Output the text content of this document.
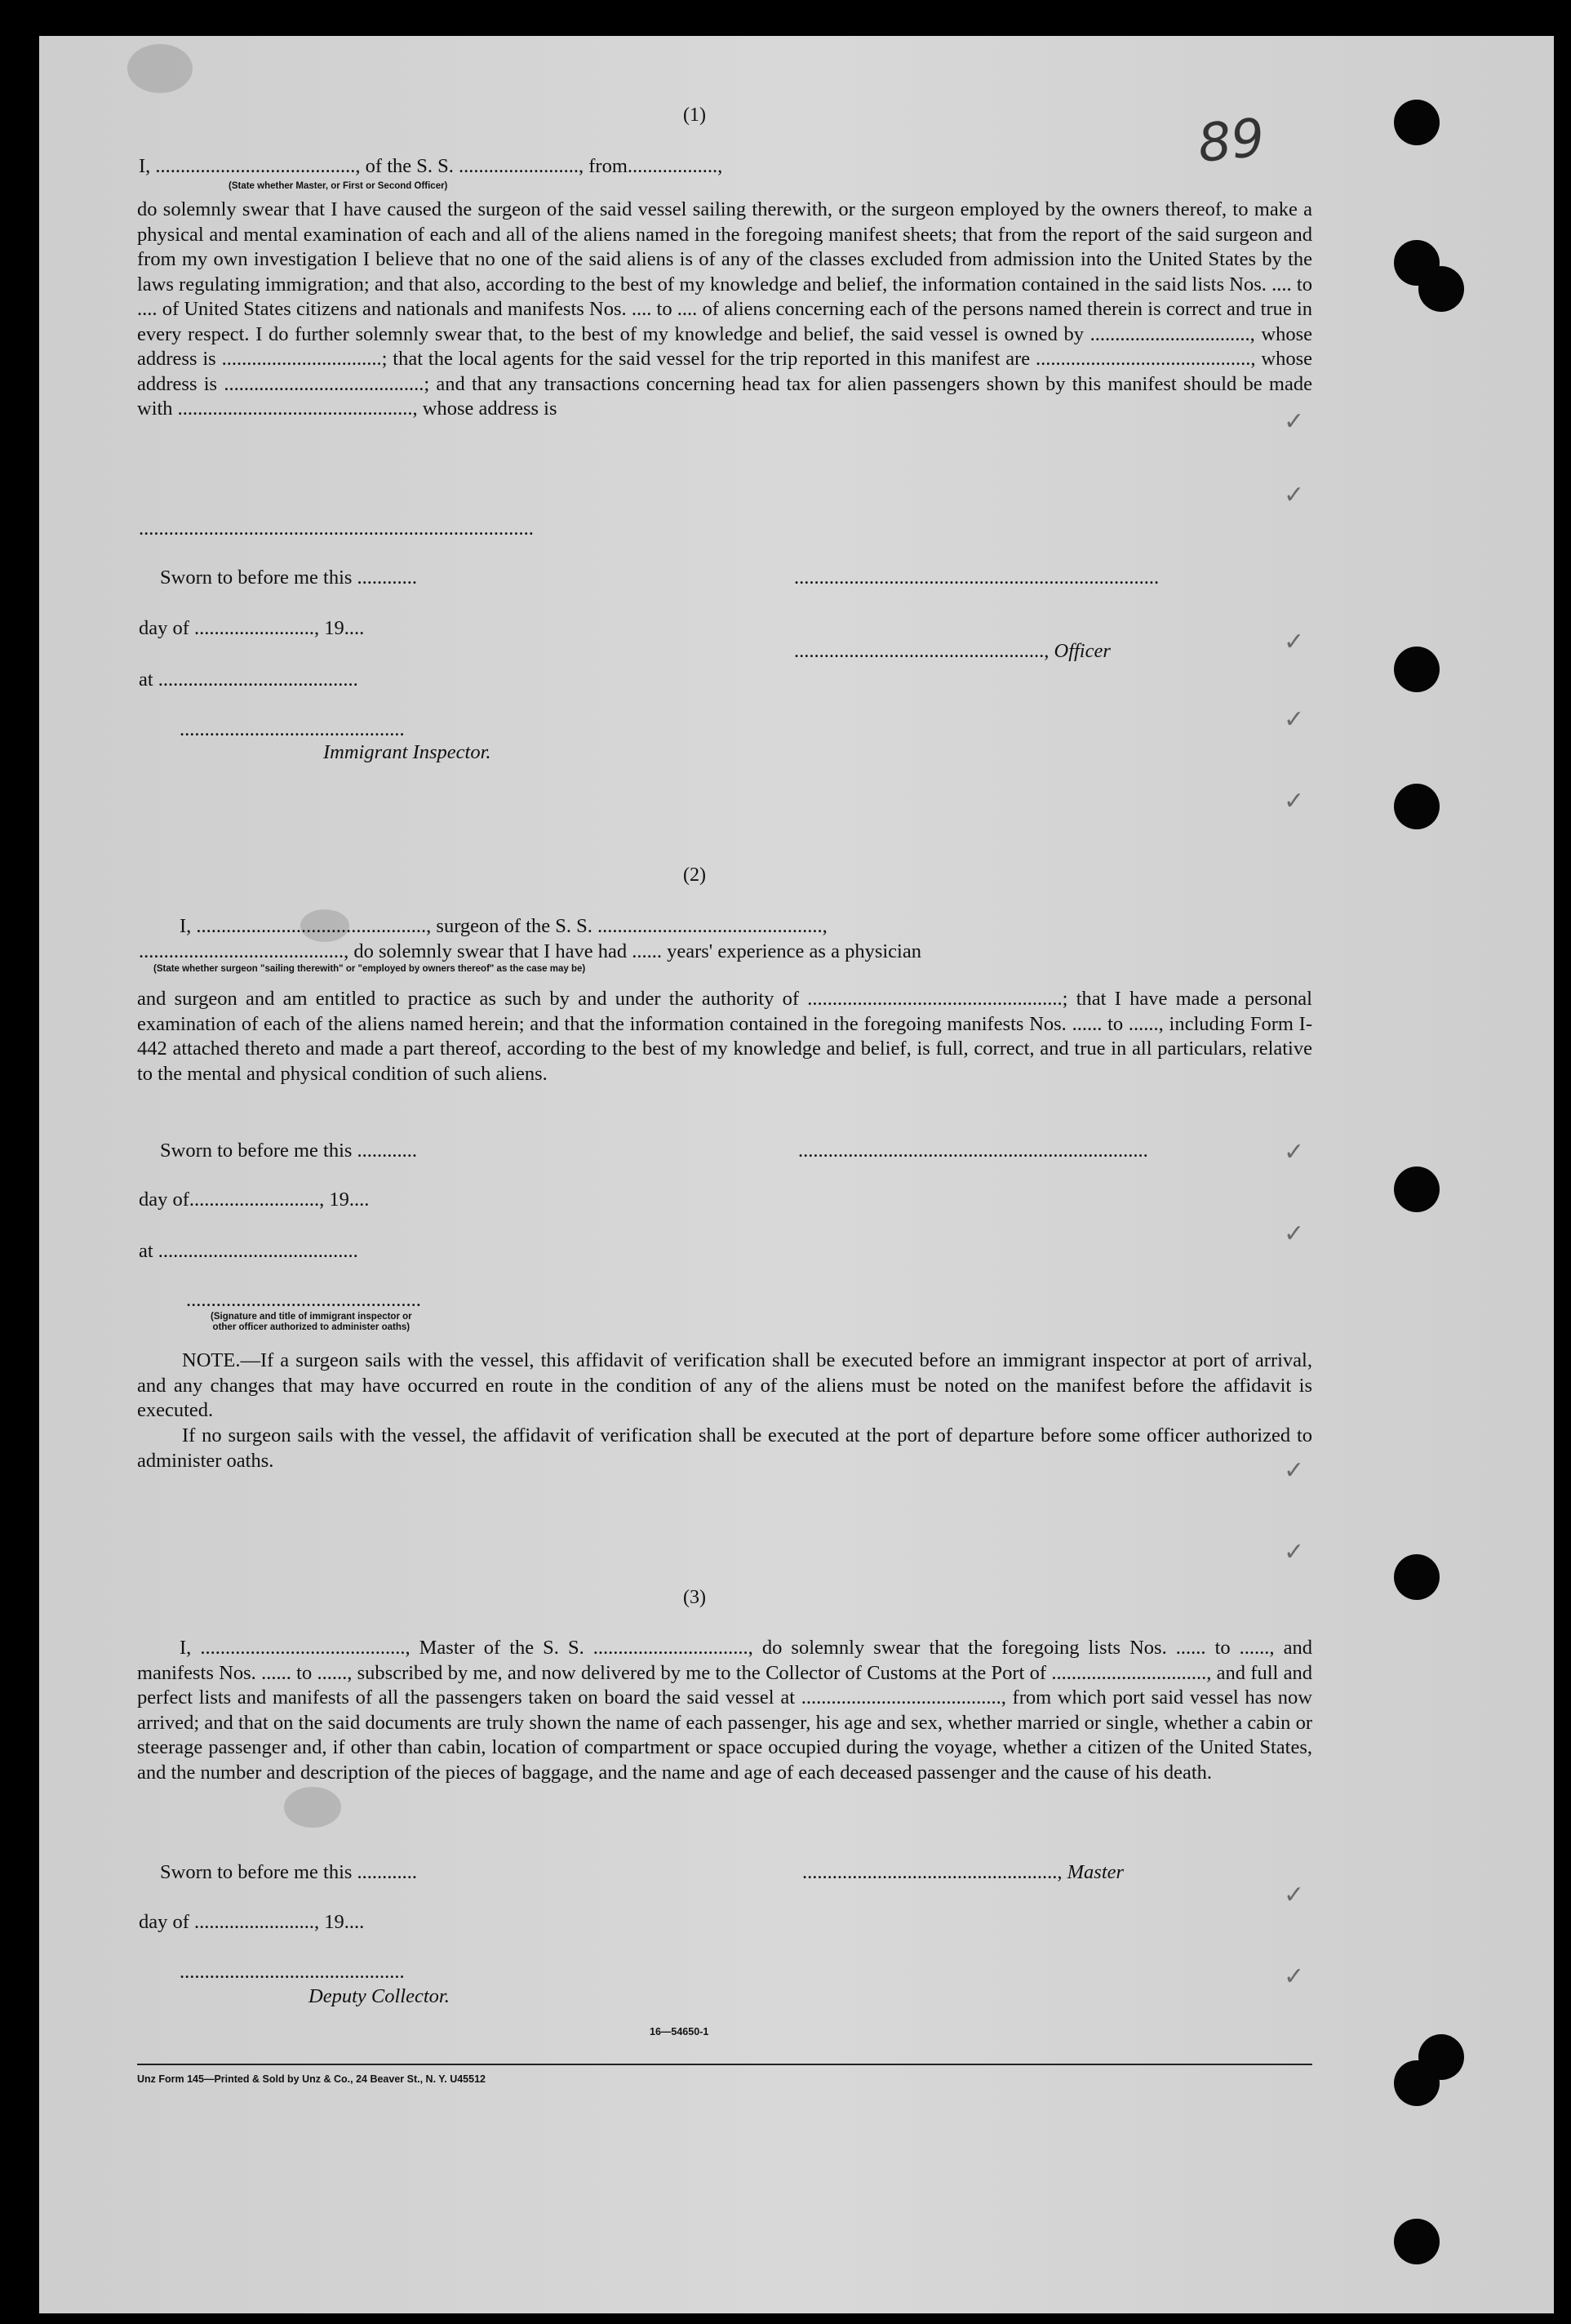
89
✓
✓
✓
✓
✓
✓
✓
✓
✓
✓
✓
(1)
I, ........................................, of the S. S. ........................, from..................,
(State whether Master, or First or Second Officer)
do solemnly swear that I have caused the surgeon of the said vessel sailing therewith, or the surgeon employed by the owners thereof, to make a physical and mental examination of each and all of the aliens named in the foregoing manifest sheets; that from the report of the said surgeon and from my own investigation I believe that no one of the said aliens is of any of the classes excluded from admission into the United States by the laws regulating immigration; and that also, according to the best of my knowledge and belief, the information contained in the said lists Nos. .... to .... of United States citizens and nationals and manifests Nos. .... to .... of aliens concerning each of the persons named therein is correct and true in every respect. I do further solemnly swear that, to the best of my knowledge and belief, the said vessel is owned by ................................, whose address is ................................; that the local agents for the said vessel for the trip reported in this manifest are ..........................................., whose address is ........................................; and that any transactions concerning head tax for alien passengers shown by this manifest should be made with ..............................................., whose address is
...............................................................................
Sworn to before me this ............	.........................................................................
day of ........................, 19....
.................................................., Officer
at ........................................
.............................................
Immigrant Inspector.
(2)
I, .............................................., surgeon of the S. S. .............................................,
........................................., do solemnly swear that I have had ...... years' experience as a physician
(State whether surgeon "sailing therewith" or "employed by owners thereof" as the case may be)
and surgeon and am entitled to practice as such by and under the authority of ...................................................; that I have made a personal examination of each of the aliens named herein; and that the information contained in the foregoing manifests Nos. ...... to ......, including Form I-442 attached thereto and made a part thereof, according to the best of my knowledge and belief, is full, correct, and true in all particulars, relative to the mental and physical condition of such aliens.
Sworn to before me this ............	......................................................................
day of.........................., 19....
at ........................................
...............................................
(Signature and title of immigrant inspector or
other officer authorized to administer oaths)
NOTE.—If a surgeon sails with the vessel, this affidavit of verification shall be executed before an immigrant inspector at port of arrival, and any changes that may have occurred en route in the condition of any of the aliens must be noted on the manifest before the affidavit is executed.
If no surgeon sails with the vessel, the affidavit of verification shall be executed at the port of departure before some officer authorized to administer oaths.
(3)
I, ........................................., Master of the S. S. ..............................., do solemnly swear that the foregoing lists Nos. ...... to ......, and manifests Nos. ...... to ......, subscribed by me, and now delivered by me to the Collector of Customs at the Port of ..............................., and full and perfect lists and manifests of all the passengers taken on board the said vessel at ........................................, from which port said vessel has now arrived; and that on the said documents are truly shown the name of each passenger, his age and sex, whether married or single, whether a cabin or steerage passenger and, if other than cabin, location of compartment or space occupied during the voyage, whether a citizen of the United States, and the number and description of the pieces of baggage, and the name and age of each deceased passenger and the cause of his death.
Sworn to before me this ............	..................................................., Master
day of ........................, 19....
.............................................
Deputy Collector.
16—54650-1
Unz Form 145—Printed & Sold by Unz & Co., 24 Beaver St., N. Y. U45512
